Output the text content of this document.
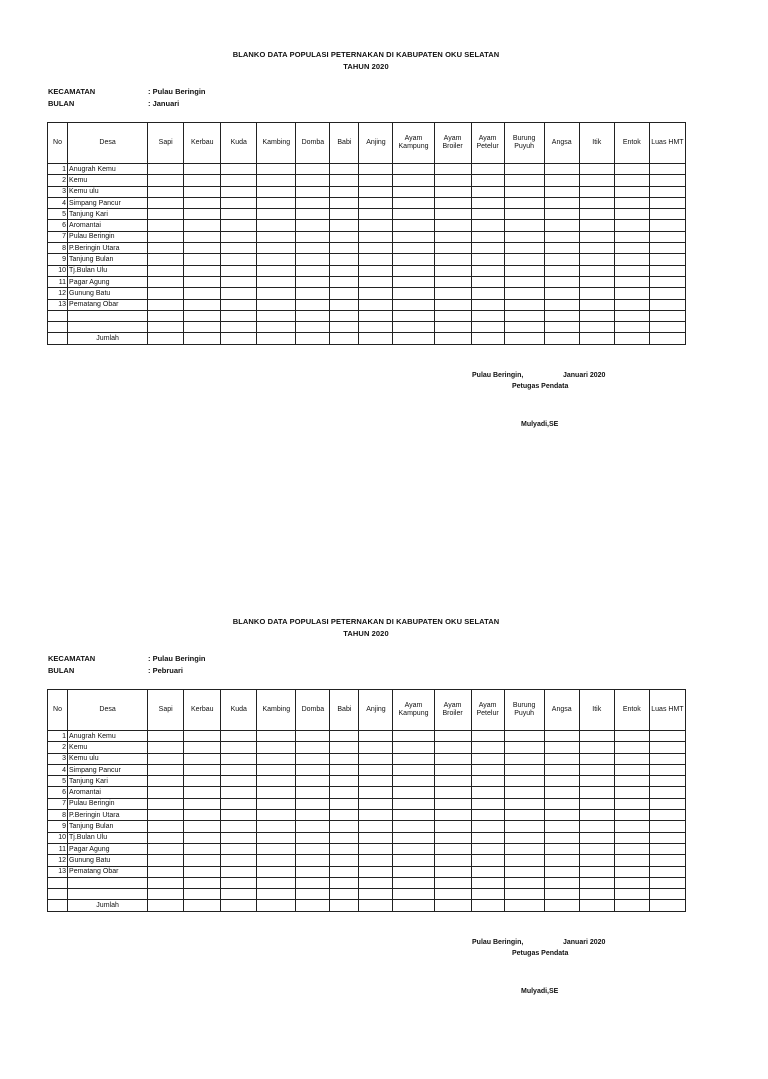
BLANKO DATA POPULASI PETERNAKAN DI KABUPATEN OKU SELATAN
TAHUN 2020
KECAMATAN	: Pulau Beringin
BULAN	: Januari
No	Desa	Sapi	Kerbau	Kuda	Kambing	Domba	Babi	Anjing	Ayam Kampung	Ayam Broiler	Ayam Petelur	Burung Puyuh	Angsa	Itik	Entok	Luas HMT
1	Anugrah Kemu															
2	Kemu															
3	Kemu ulu															
4	Simpang Pancur															
5	Tanjung Kari															
6	Aromantai															
7	Pulau Beringin															
8	P.Beringin Utara															
9	Tanjung Bulan															
10	Tj.Bulan Ulu															
11	Pagar Agung															
12	Gunung Batu															
13	Pematang Obar															

	Jumlah															
Pulau Beringin,	Januari 2020
Petugas Pendata
Mulyadi,SE
BLANKO DATA POPULASI PETERNAKAN DI KABUPATEN OKU SELATAN
TAHUN 2020
KECAMATAN	: Pulau Beringin
BULAN	: Pebruari
No	Desa	Sapi	Kerbau	Kuda	Kambing	Domba	Babi	Anjing	Ayam Kampung	Ayam Broiler	Ayam Petelur	Burung Puyuh	Angsa	Itik	Entok	Luas HMT
1	Anugrah Kemu															
2	Kemu															
3	Kemu ulu															
4	Simpang Pancur															
5	Tanjung Kari															
6	Aromantai															
7	Pulau Beringin															
8	P.Beringin Utara															
9	Tanjung Bulan															
10	Tj.Bulan Ulu															
11	Pagar Agung															
12	Gunung Batu															
13	Pematang Obar															

	Jumlah															
Pulau Beringin,	Januari 2020
Petugas Pendata
Mulyadi,SE
